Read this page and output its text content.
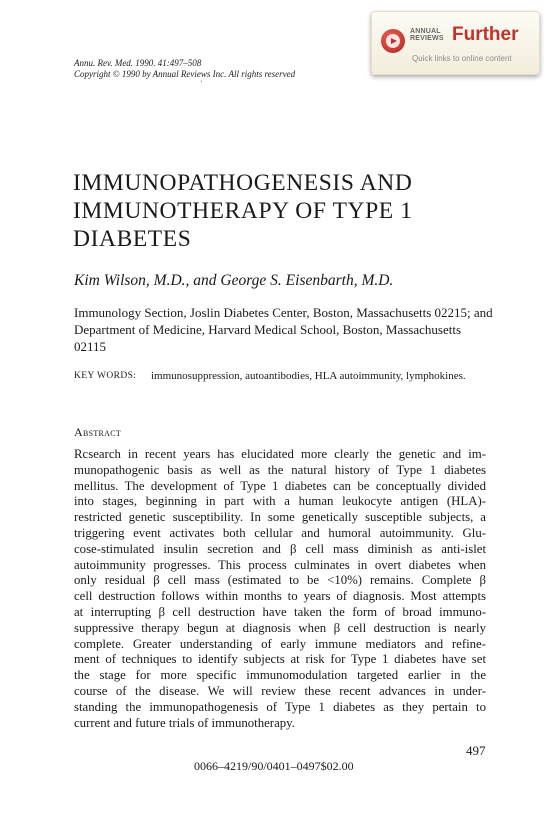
Annu. Rev. Med. 1990. 41:497–508
Copyright © 1990 by Annual Reviews Inc. All rights reserved
ANNUAL
REVIEWS Further
Quick links to online content
’
IMMUNOPATHOGENESIS AND IMMUNOTHERAPY OF TYPE 1 DIABETES
Kim Wilson, M.D., and George S. Eisenbarth, M.D.
Immunology Section, Joslin Diabetes Center, Boston, Massachusetts 02215; and Department of Medicine, Harvard Medical School, Boston, Massachusetts 02115
KEY WORDS: immunosuppression, autoantibodies, HLA autoimmunity, lymphokines.
Abstract

Rcsearch in recent years has elucidated more clearly the genetic and im-
munopathogenic basis as well as the natural history of Type 1 diabetes
mellitus. The development of Type 1 diabetes can be conceptually divided
into stages, beginning in part with a human leukocyte antigen (HLA)-
restricted genetic susceptibility. In some genetically susceptible subjects, a
triggering event activates both cellular and humoral autoimmunity. Glu-
cose-stimulated insulin secretion and β cell mass diminish as anti-islet
autoimmunity progresses. This process culminates in overt diabetes when
only residual β cell mass (estimated to be <10%) remains. Complete β
cell destruction follows within months to years of diagnosis. Most attempts
at interrupting β cell destruction have taken the form of broad immuno-
suppressive therapy begun at diagnosis when β cell destruction is nearly
complete. Greater understanding of early immune mediators and refine-
ment of techniques to identify subjects at risk for Type 1 diabetes have set
the stage for more specific immunomodulation targeted earlier in the
course of the disease. We will review these recent advances in under-
standing the immunopathogenesis of Type 1 diabetes as they pertain to
current and future trials of immunotherapy.

497
0066–4219/90/0401–0497$02.00
